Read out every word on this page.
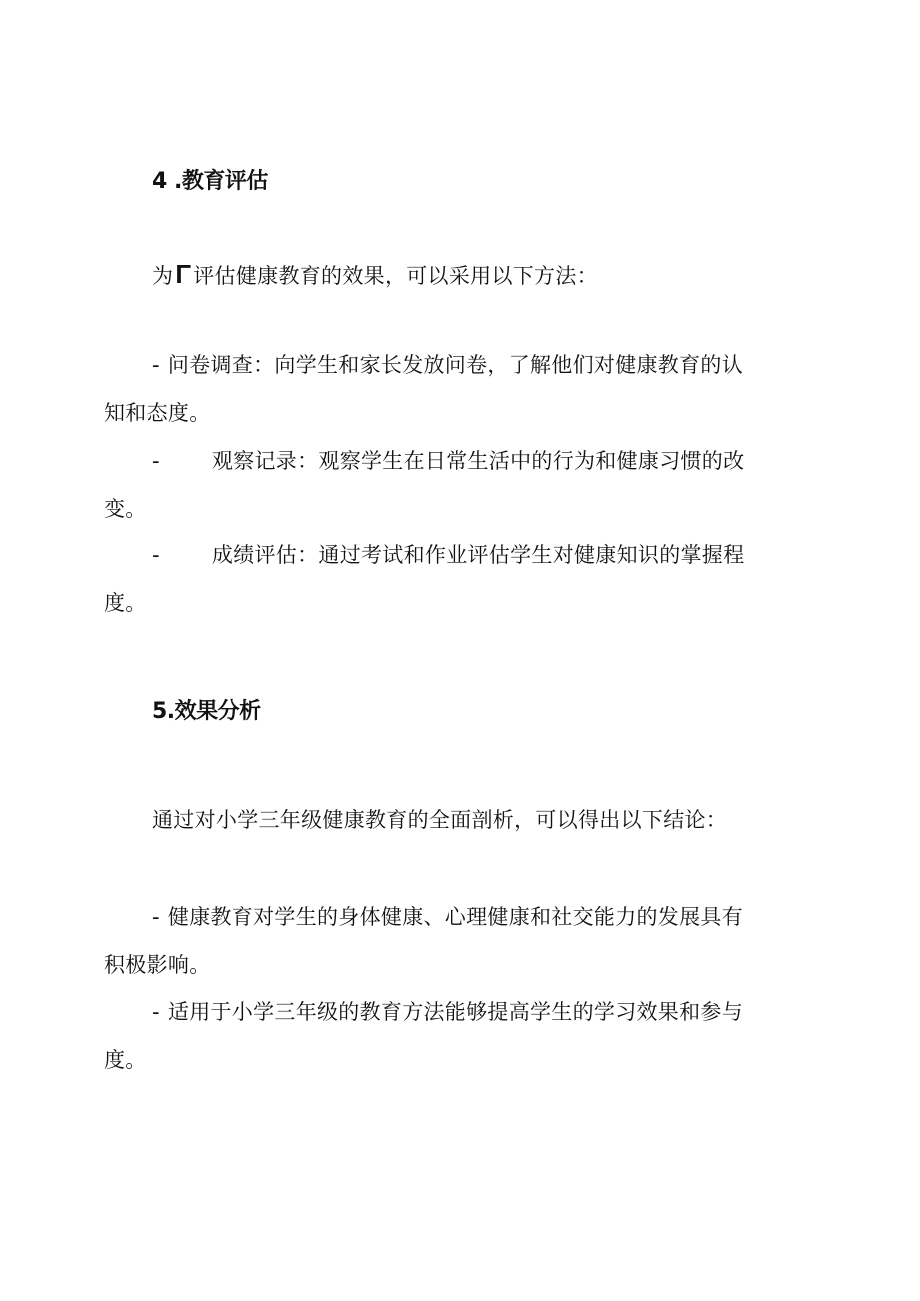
4 .教育评估
为Γ评估健康教育的效果，可以采用以下方法：
- 问卷调查：向学生和家长发放问卷，了解他们对健康教育的认
知和态度。
- 观察记录：观察学生在日常生活中的行为和健康习惯的改
变。
- 成绩评估：通过考试和作业评估学生对健康知识的掌握程
度。
5.效果分析
通过对小学三年级健康教育的全面剖析，可以得出以下结论：
- 健康教育对学生的身体健康、心理健康和社交能力的发展具有
积极影响。
- 适用于小学三年级的教育方法能够提高学生的学习效果和参与
度。
